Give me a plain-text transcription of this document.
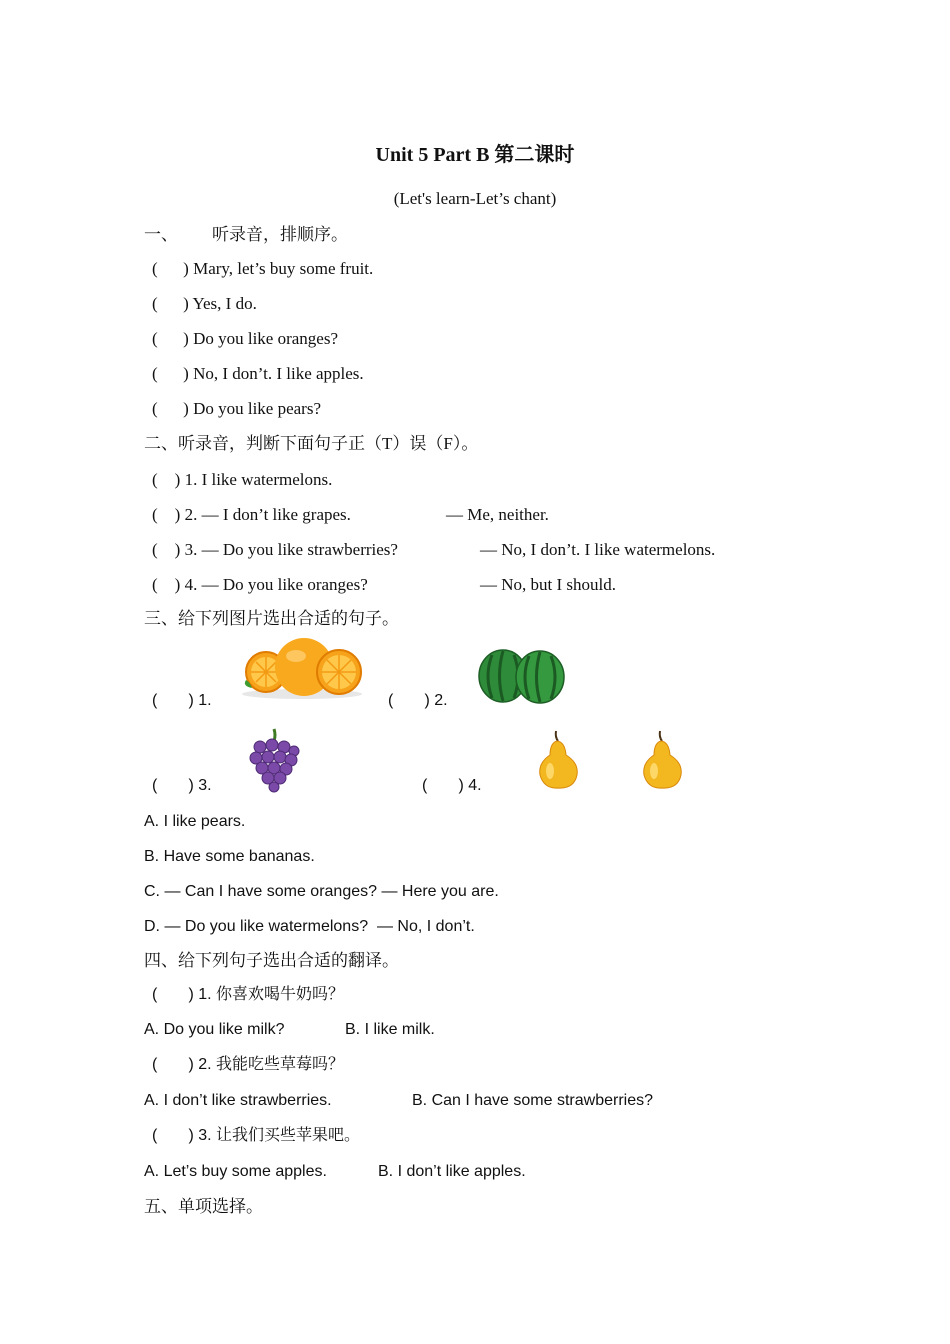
Unit 5 Part B 第二课时
(Let's learn-Let’s chant)
一、 听录音，排顺序。
(      ) Mary, let’s buy some fruit.
(      ) Yes, I do.
(      ) Do you like oranges?
(      ) No, I don’t. I like apples.
(      ) Do you like pears?
二、听录音，判断下面句子正（T）误（F）。
(    ) 1. I like watermelons.
(    ) 2. — I don’t like grapes.	— Me, neither.
(    ) 3. — Do you like strawberries?	— No, I don’t. I like watermelons.
(    ) 4. — Do you like oranges?	— No, but I should.
三、给下列图片选出合适的句子。
(       ) 1.	(       ) 2.
(       ) 3.	(       ) 4.
A. I like pears.
B. Have some bananas.
C. — Can I have some oranges? — Here you are.
D. — Do you like watermelons?  — No, I don’t.
四、给下列句子选出合适的翻译。
(       ) 1. 你喜欢喝牛奶吗？
A. Do you like milk?	B. I like milk.
(       ) 2. 我能吃些草莓吗？
A. I don’t like strawberries.	B. Can I have some strawberries?
(       ) 3. 让我们买些苹果吧。
A. Let’s buy some apples.	B. I don’t like apples.
五、单项选择。
